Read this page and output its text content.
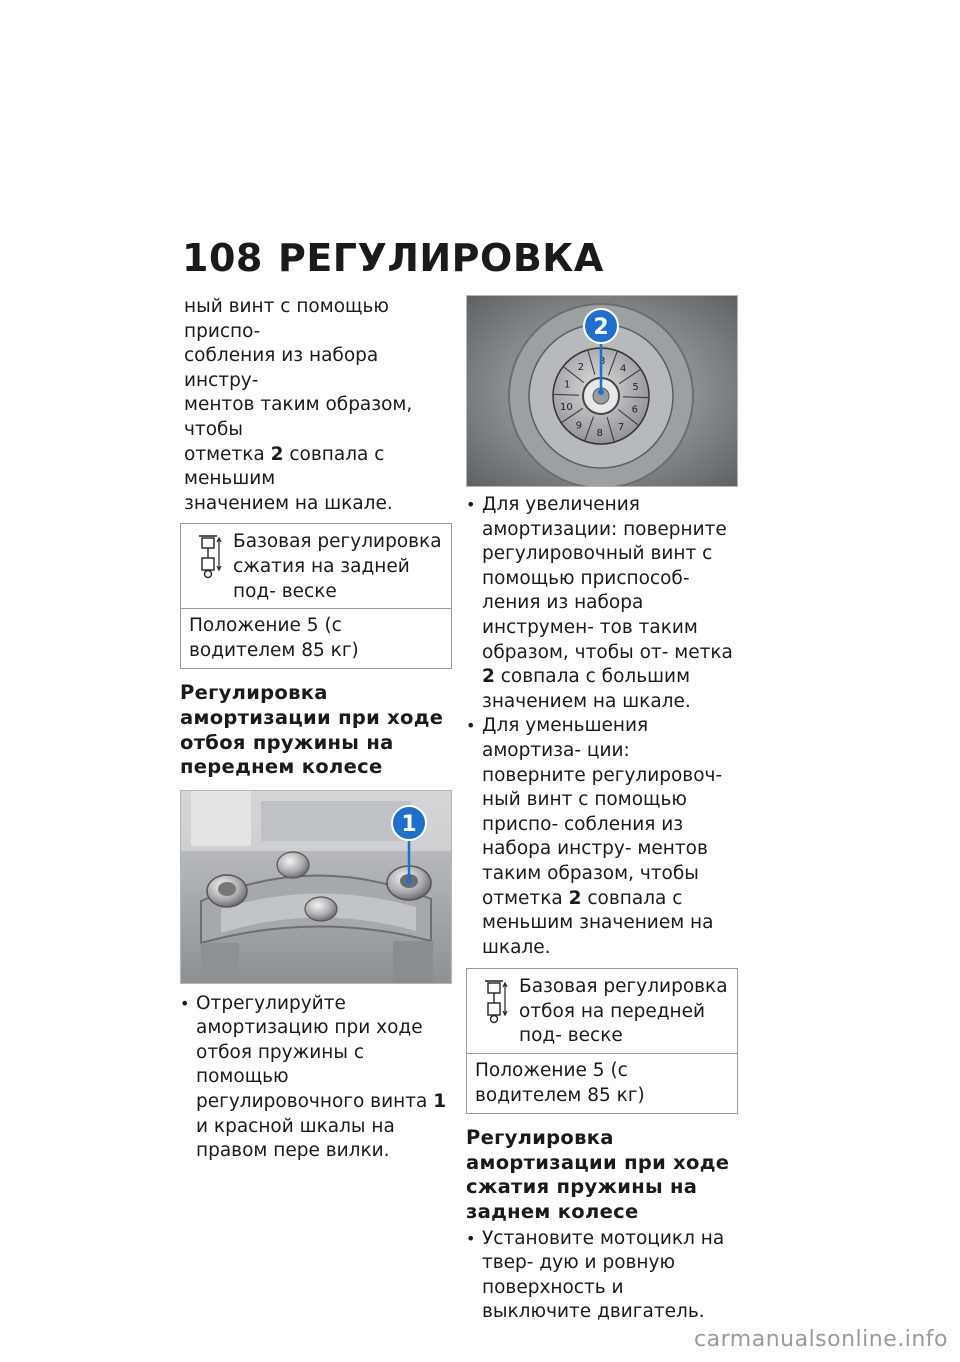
108 РЕГУЛИРОВКА

ный винт с помощью приспо-

собления из набора инстру-

ментов таким образом, чтобы

отметка 2 совпала с меньшим

значением на шкале.

Базовая регулировка сжатия на задней под- веске
Положение 5 (с водителем 85 кг)
Регулировка амортизации при ходе отбоя пружины на переднем колесе
1

• Отрегулируйте амортизацию при ходе отбоя пружины с помощью регулировочного винта 1 и красной шкалы на правом пере вилки.

1
2
3
4
5
6
7
8
9
10
2

• Для увеличения амортизации: поверните регулировочный винт с помощью приспособ- ления из набора инструмен- тов таким образом, чтобы от- метка 2 совпала с большим значением на шкале.

• Для уменьшения амортиза- ции: поверните регулировоч- ный винт с помощью приспо- собления из набора инстру- ментов таким образом, чтобы отметка 2 совпала с меньшим значением на шкале.

Базовая регулировка отбоя на передней под- веске
Положение 5 (с водителем 85 кг)
Регулировка амортизации при ходе сжатия пружины на заднем колесе

• Установите мотоцикл на твер- дую и ровную поверхность и выключите двигатель.

carmanualsonline.info
